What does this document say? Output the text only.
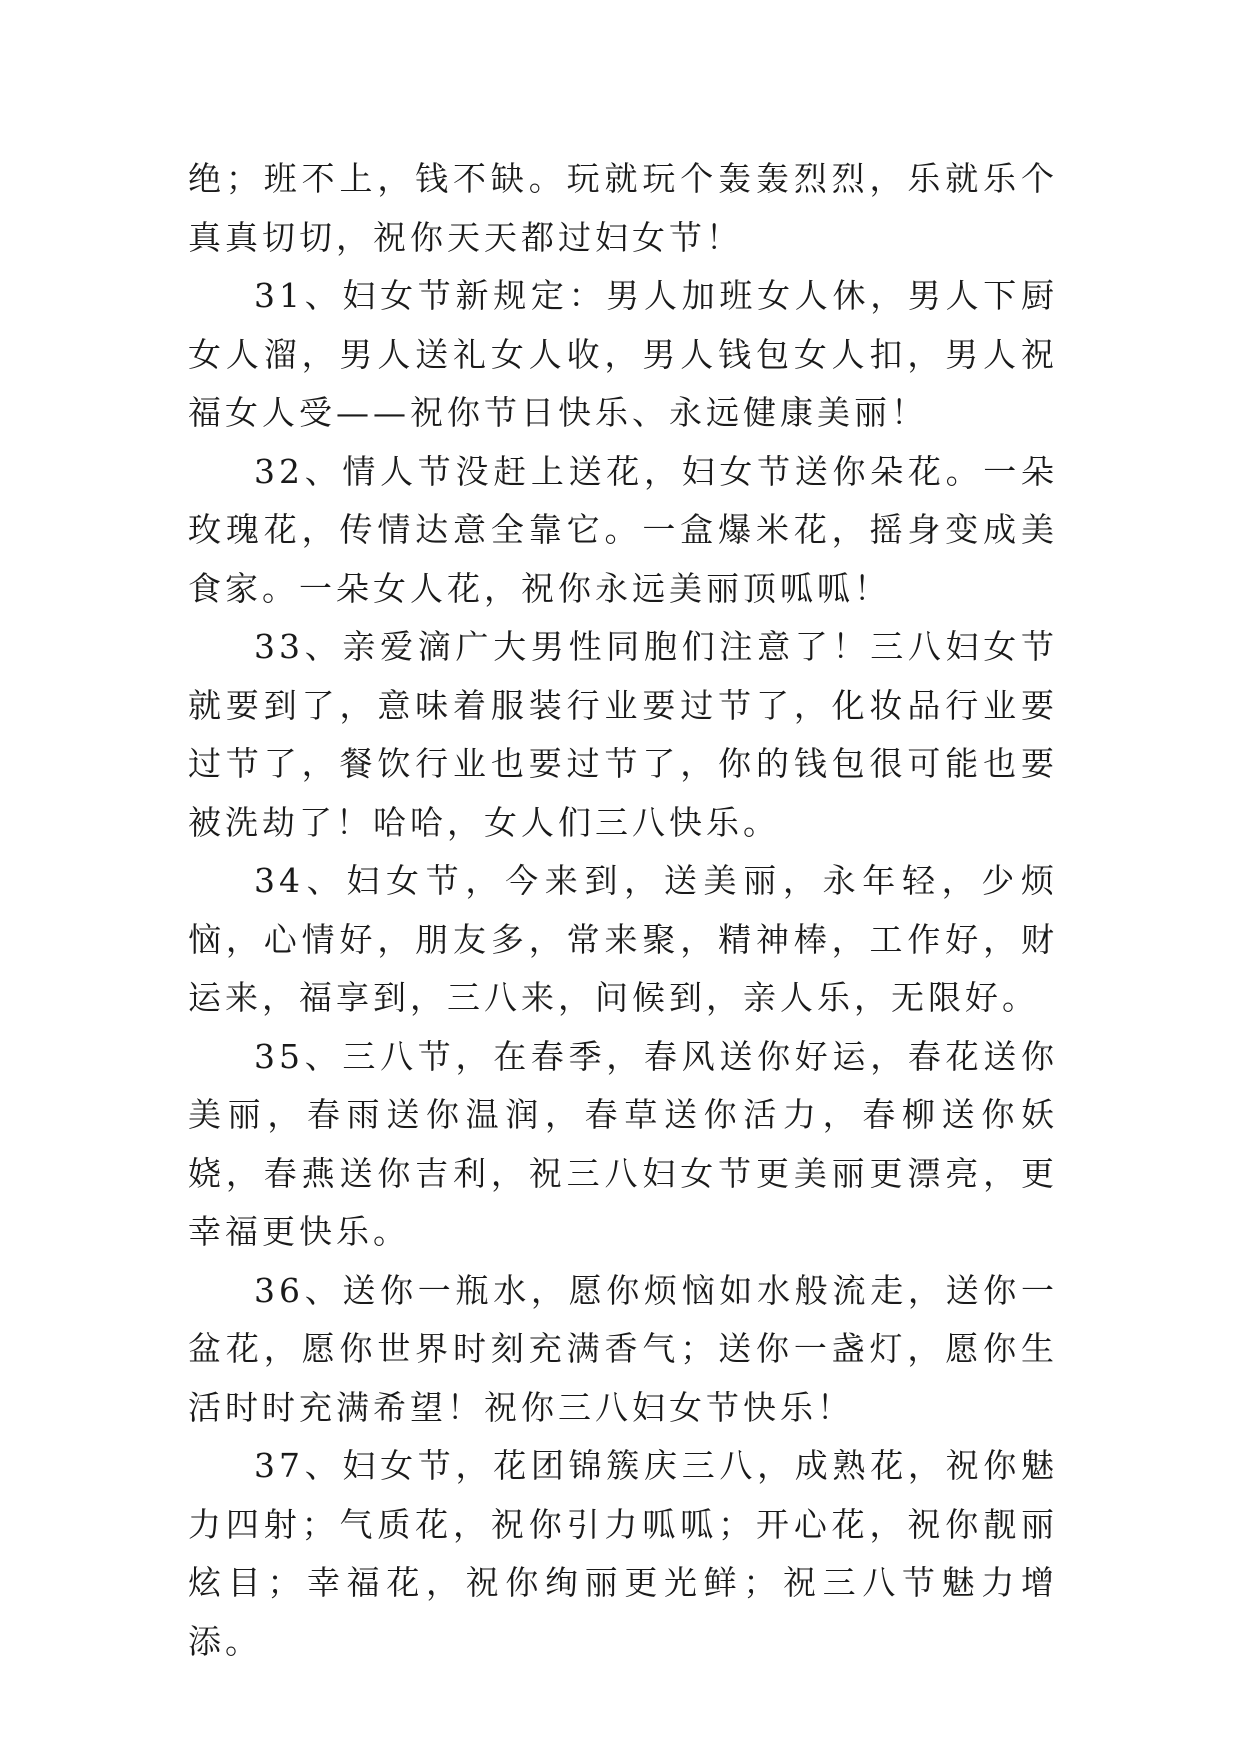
绝；班不上，钱不缺。玩就玩个轰轰烈烈，乐就乐个真真切切，祝你天天都过妇女节！

31、妇女节新规定：男人加班女人休，男人下厨女人溜，男人送礼女人收，男人钱包女人扣，男人祝福女人受——祝你节日快乐、永远健康美丽！

32、情人节没赶上送花，妇女节送你朵花。一朵玫瑰花，传情达意全靠它。一盒爆米花，摇身变成美食家。一朵女人花，祝你永远美丽顶呱呱！

33、亲爱滴广大男性同胞们注意了！三八妇女节就要到了，意味着服装行业要过节了，化妆品行业要过节了，餐饮行业也要过节了，你的钱包很可能也要被洗劫了！哈哈，女人们三八快乐。

34、妇女节，今来到，送美丽，永年轻，少烦恼，心情好，朋友多，常来聚，精神棒，工作好，财运来，福享到，三八来，问候到，亲人乐，无限好。

35、三八节，在春季，春风送你好运，春花送你美丽，春雨送你温润，春草送你活力，春柳送你妖娆，春燕送你吉利，祝三八妇女节更美丽更漂亮，更幸福更快乐。

36、送你一瓶水，愿你烦恼如水般流走，送你一盆花，愿你世界时刻充满香气；送你一盏灯，愿你生活时时充满希望！祝你三八妇女节快乐！

37、妇女节，花团锦簇庆三八，成熟花，祝你魅力四射；气质花，祝你引力呱呱；开心花，祝你靓丽炫目；幸福花，祝你绚丽更光鲜；祝三八节魅力增添。
